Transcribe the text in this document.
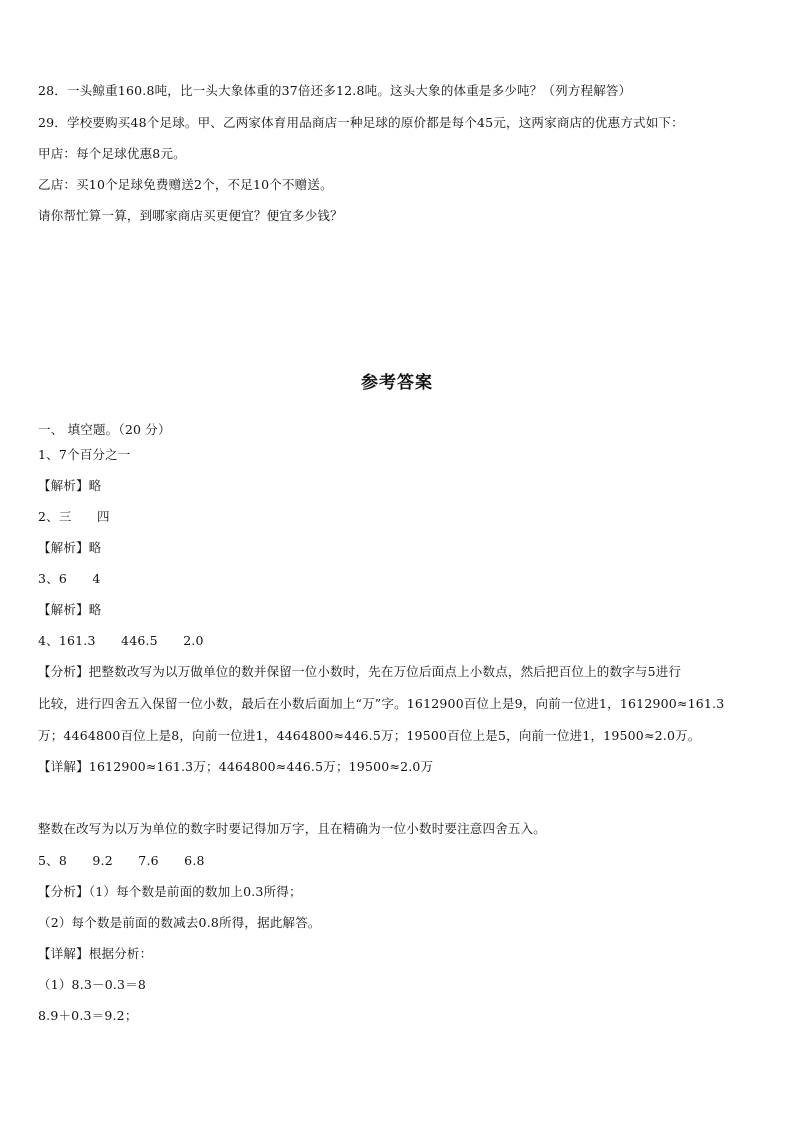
28．一头鲸重160.8吨，比一头大象体重的37倍还多12.8吨。这头大象的体重是多少吨？（列方程解答）
29．学校要购买48个足球。甲、乙两家体育用品商店一种足球的原价都是每个45元，这两家商店的优惠方式如下：
甲店：每个足球优惠8元。
乙店：买10个足球免费赠送2个，不足10个不赠送。
请你帮忙算一算，到哪家商店买更便宜？便宜多少钱？
参考答案
一、 填空题。（20 分）
1、7个百分之一
【解析】略
2、三　　四
【解析】略
3、6　　4
【解析】略
4、161.3　　446.5　　2.0
【分析】把整数改写为以万做单位的数并保留一位小数时，先在万位后面点上小数点，然后把百位上的数字与5进行
比较，进行四舍五入保留一位小数，最后在小数后面加上“万”字。1612900百位上是9，向前一位进1，1612900≈161.3
万；4464800百位上是8，向前一位进1，4464800≈446.5万；19500百位上是5，向前一位进1，19500≈2.0万。
【详解】1612900≈161.3万；4464800≈446.5万；19500≈2.0万
整数在改写为以万为单位的数字时要记得加万字，且在精确为一位小数时要注意四舍五入。
5、8　　9.2　　7.6　　6.8
【分析】（1）每个数是前面的数加上0.3所得；
（2）每个数是前面的数减去0.8所得，据此解答。
【详解】根据分析：
（1）8.3－0.3＝8
8.9＋0.3＝9.2；
